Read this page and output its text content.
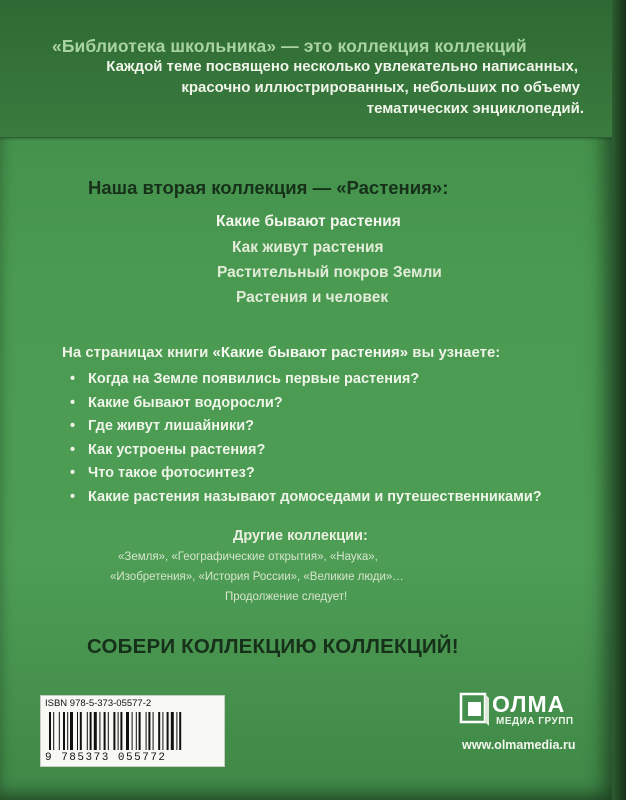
«Библиотека школьника» — это коллекция коллекций
Каждой теме посвящено несколько увлекательно написанных,
красочно иллюстрированных, небольших по объему
тематических энциклопедий.
Наша вторая коллекция — «Растения»:
Какие бывают растения
Как живут растения
Растительный покров Земли
Растения и человек
На страницах книги «Какие бывают растения» вы узнаете:
• Когда на Земле появились первые растения?
• Какие бывают водоросли?
• Где живут лишайники?
• Как устроены растения?
• Что такое фотосинтез?
• Какие растения называют домоседами и путешественниками?
Другие коллекции:
«Земля», «Географические открытия», «Наука»,
«Изобретения», «История России», «Великие люди»…
Продолжение следует!
СОБЕРИ КОЛЛЕКЦИЮ КОЛЛЕКЦИЙ!
ISBN 978-5-373-05577-2
9 785373 055772
ОЛМА
МЕДИА ГРУПП
www.olmamedia.ru
